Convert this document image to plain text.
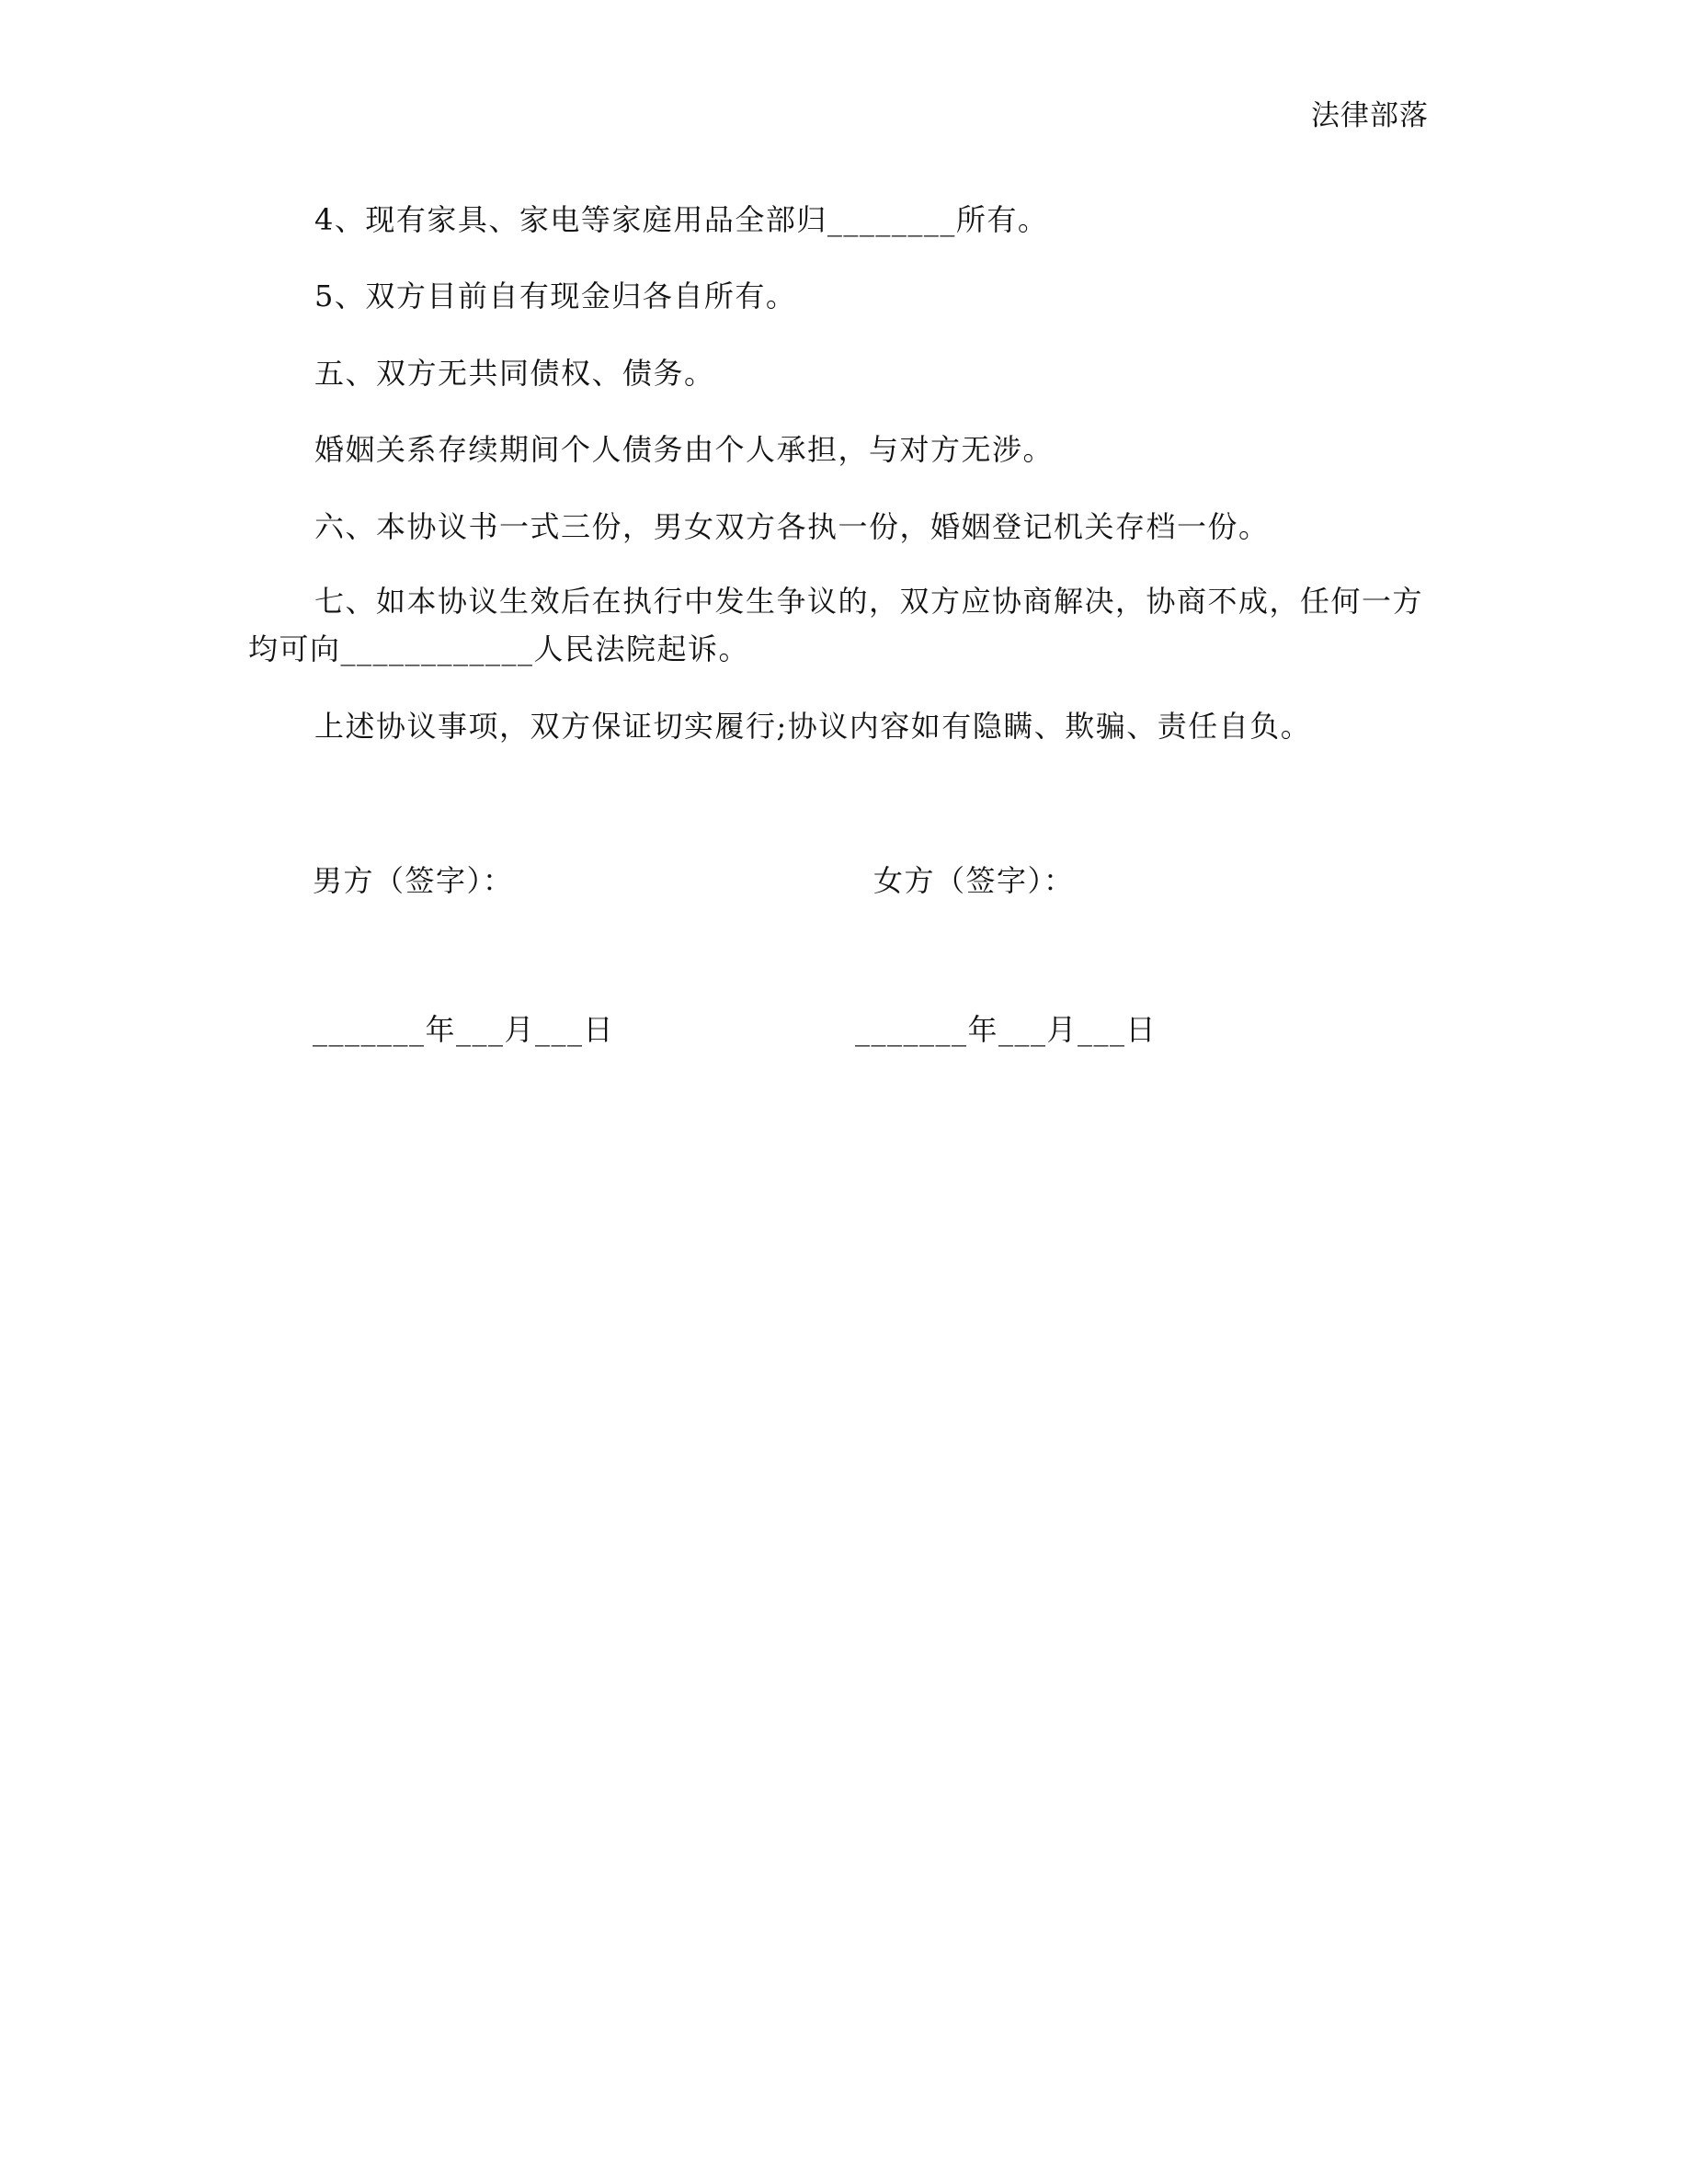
法律部落

4、现有家具、家电等家庭用品全部归________所有。

5、双方目前自有现金归各自所有。

五、双方无共同债权、债务。

婚姻关系存续期间个人债务由个人承担，与对方无涉。

六、本协议书一式三份，男女双方各执一份，婚姻登记机关存档一份。

七、如本协议生效后在执行中发生争议的，双方应协商解决，协商不成，任何一方均可向____________人民法院起诉。

上述协议事项，双方保证切实履行;协议内容如有隐瞒、欺骗、责任自负。

男方（签字）：	女方（签字）：
_______年___月___日	_______年___月___日
